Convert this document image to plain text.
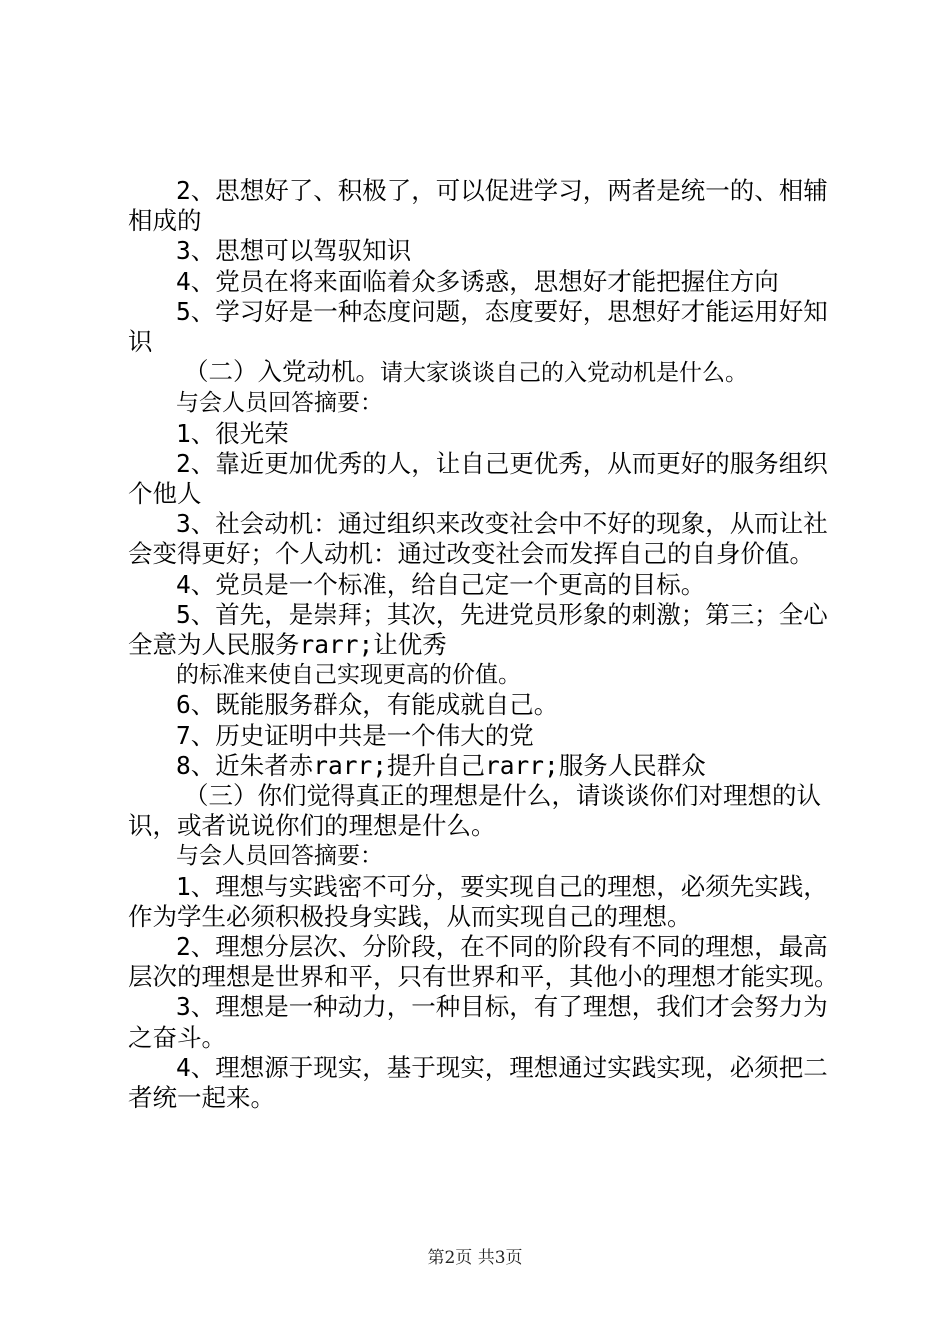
2、思想好了、积极了，可以促进学习，两者是统一的、相辅相成的

3、思想可以驾驭知识

4、党员在将来面临着众多诱惑，思想好才能把握住方向

5、学习好是一种态度问题，态度要好，思想好才能运用好知识

（二）入党动机。请大家谈谈自己的入党动机是什么。

与会人员回答摘要：

1、很光荣

2、靠近更加优秀的人，让自己更优秀，从而更好的服务组织个他人

3、社会动机：通过组织来改变社会中不好的现象，从而让社会变得更好；个人动机：通过改变社会而发挥自己的自身价值。

4、党员是一个标准，给自己定一个更高的目标。

5、首先，是崇拜；其次，先进党员形象的刺激；第三；全心全意为人民服务rarr;让优秀

的标准来使自己实现更高的价值。

6、既能服务群众，有能成就自己。

7、历史证明中共是一个伟大的党

8、近朱者赤rarr;提升自己rarr;服务人民群众

（三）你们觉得真正的理想是什么，请谈谈你们对理想的认识，或者说说你们的理想是什么。

与会人员回答摘要：

1、理想与实践密不可分，要实现自己的理想，必须先实践，作为学生必须积极投身实践，从而实现自己的理想。

2、理想分层次、分阶段，在不同的阶段有不同的理想，最高层次的理想是世界和平，只有世界和平，其他小的理想才能实现。

3、理想是一种动力，一种目标，有了理想，我们才会努力为之奋斗。

4、理想源于现实，基于现实，理想通过实践实现，必须把二者统一起来。

第2页 共3页
